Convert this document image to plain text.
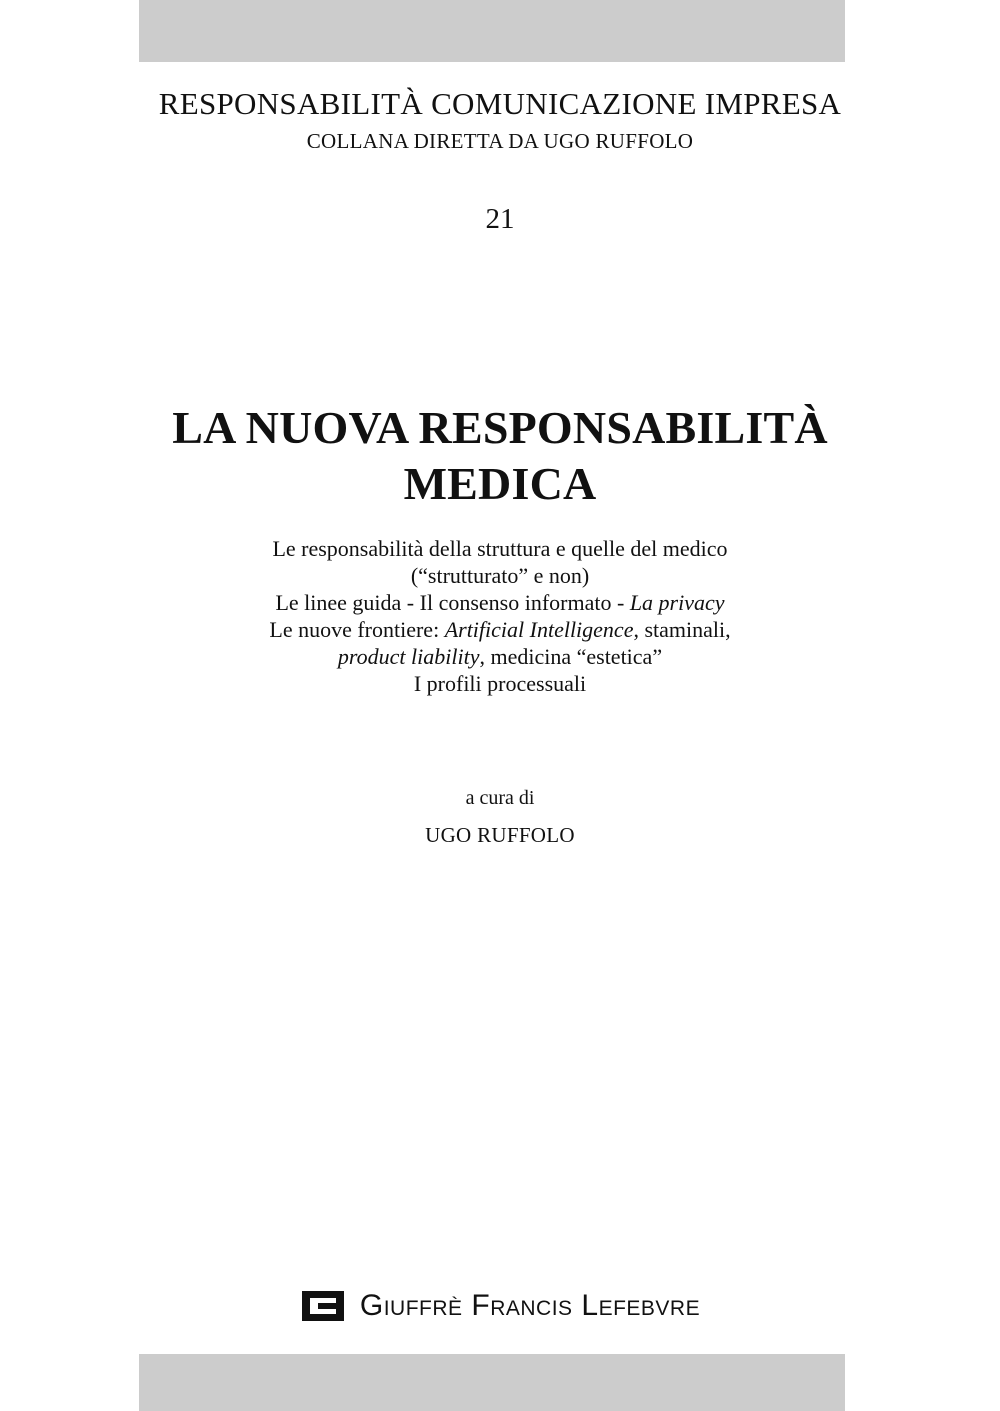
RESPONSABILITÀ COMUNICAZIONE IMPRESA
COLLANA DIRETTA DA UGO RUFFOLO
21
LA NUOVA RESPONSABILITÀ
MEDICA
Le responsabilità della struttura e quelle del medico
(“strutturato” e non)
Le linee guida - Il consenso informato - La privacy
Le nuove frontiere: Artificial Intelligence, staminali,
product liability, medicina “estetica”
I profili processuali
a cura di
UGO RUFFOLO
Giuffrè Francis Lefebvre
